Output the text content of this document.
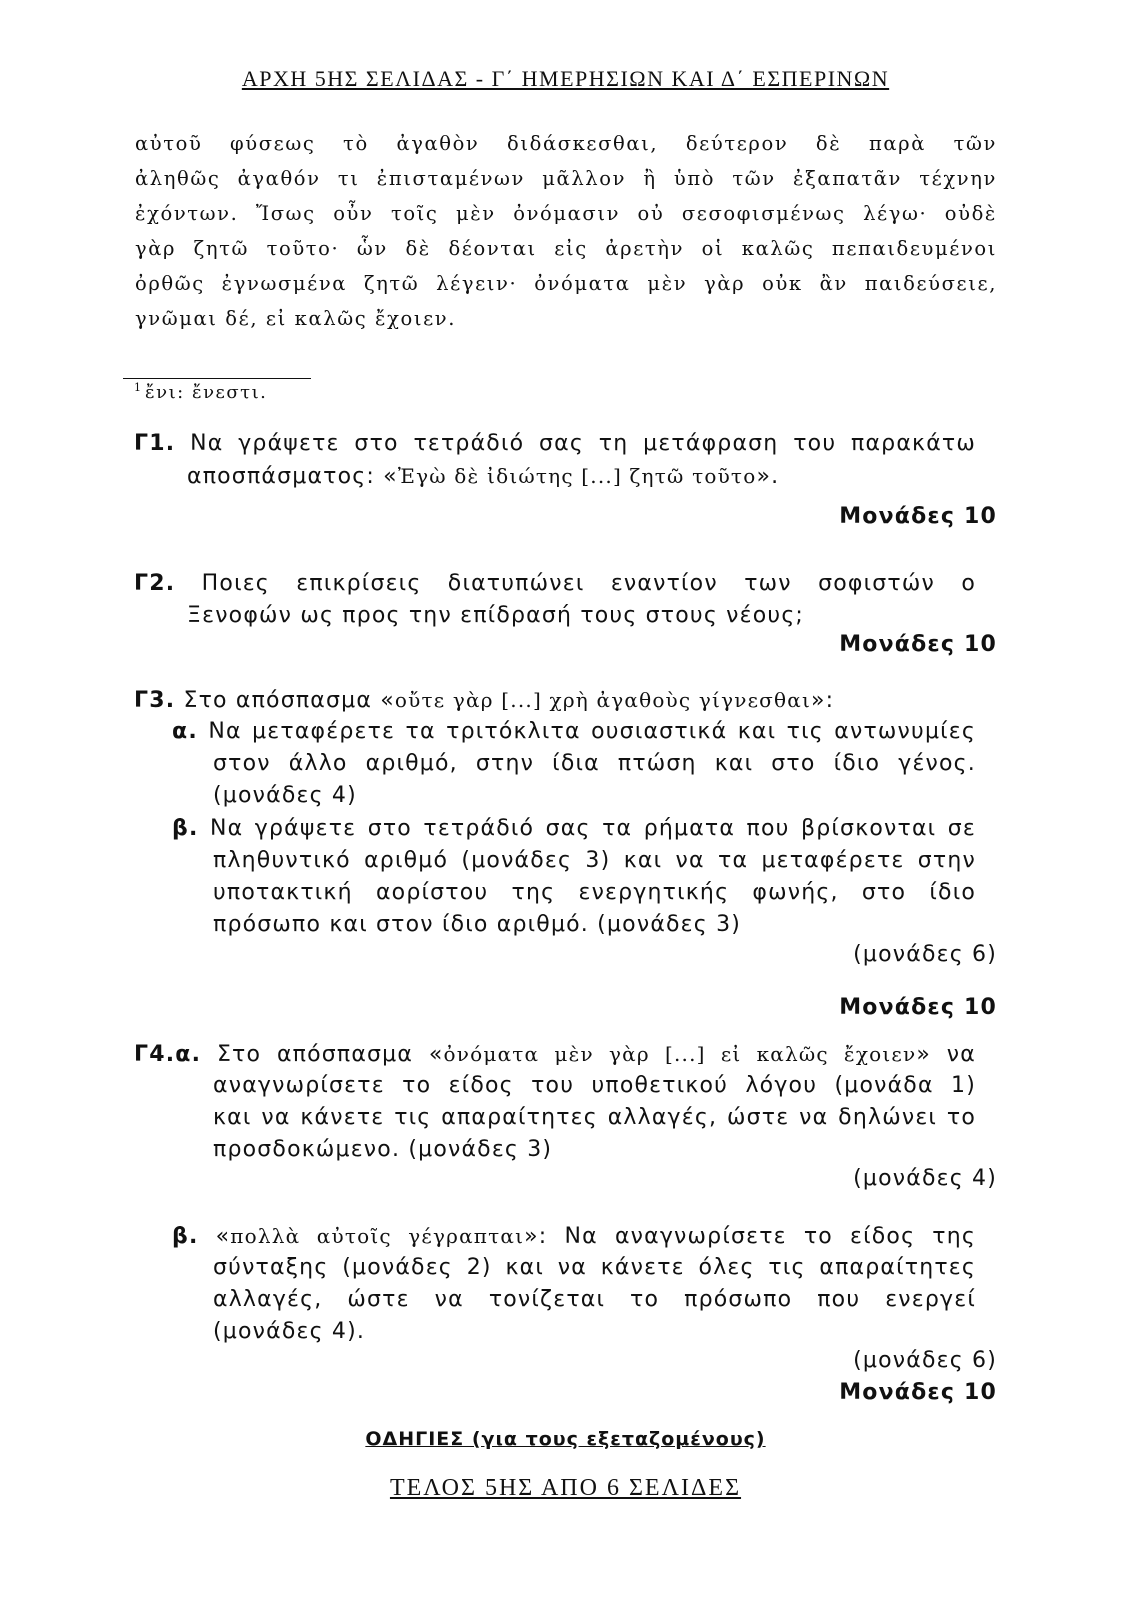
ΑΡΧΗ 5ΗΣ ΣΕΛΙΔΑΣ - Γ΄ ΗΜΕΡΗΣΙΩΝ ΚΑΙ Δ΄ ΕΣΠΕΡΙΝΩΝ
αὐτοῦ φύσεως τὸ ἀγαθὸν διδάσκεσθαι, δεύτερον δὲ παρὰ τῶν
ἀληθῶς ἀγαθόν τι ἐπισταμένων μᾶλλον ἢ ὑπὸ τῶν ἐξαπατᾶν τέχνην
ἐχόντων. Ἴσως οὖν τοῖς μὲν ὀνόμασιν οὐ σεσοφισμένως λέγω· οὐδὲ
γὰρ ζητῶ τοῦτο· ὧν δὲ δέονται εἰς ἀρετὴν οἱ καλῶς πεπαιδευμένοι
ὀρθῶς ἐγνωσμένα ζητῶ λέγειν· ὀνόματα μὲν γὰρ οὐκ ἂν παιδεύσειε,
γνῶμαι δέ, εἰ καλῶς ἔχοιεν.
$^1$ ἔνι: ἔνεστι.
Γ1. Να γράψετε στο τετράδιό σας τη μετάφραση του παρακάτω
αποσπάσματος: «Ἐγὼ δὲ ἰδιώτης [...] ζητῶ τοῦτο».
Μονάδες 10
Γ2. Ποιες επικρίσεις διατυπώνει εναντίον των σοφιστών ο
Ξενοφών ως προς την επίδρασή τους στους νέους;
Μονάδες 10
Γ3. Στο απόσπασμα «οὔτε γὰρ [...] χρὴ ἀγαθοὺς γίγνεσθαι»:
α. Να μεταφέρετε τα τριτόκλιτα ουσιαστικά και τις αντωνυμίες
στον άλλο αριθμό, στην ίδια πτώση και στο ίδιο γένος.
(μονάδες 4)
β. Να γράψετε στο τετράδιό σας τα ρήματα που βρίσκονται σε
πληθυντικό αριθμό (μονάδες 3) και να τα μεταφέρετε στην
υποτακτική αορίστου της ενεργητικής φωνής, στο ίδιο
πρόσωπο και στον ίδιο αριθμό. (μονάδες 3)
(μονάδες 6)
Μονάδες 10
Γ4.α. Στο απόσπασμα «ὀνόματα μὲν γὰρ [...] εἰ καλῶς ἔχοιεν» να
αναγνωρίσετε το είδος του υποθετικού λόγου (μονάδα 1)
και να κάνετε τις απαραίτητες αλλαγές, ώστε να δηλώνει το
προσδοκώμενο. (μονάδες 3)
(μονάδες 4)
β. «πολλὰ αὐτοῖς γέγραπται»: Να αναγνωρίσετε το είδος της
σύνταξης (μονάδες 2) και να κάνετε όλες τις απαραίτητες
αλλαγές, ώστε να τονίζεται το πρόσωπο που ενεργεί
(μονάδες 4).
(μονάδες 6)
Μονάδες 10
ΟΔΗΓΙΕΣ (για τους εξεταζομένους)
ΤΕΛΟΣ 5ΗΣ ΑΠΟ 6 ΣΕΛΙΔΕΣ
